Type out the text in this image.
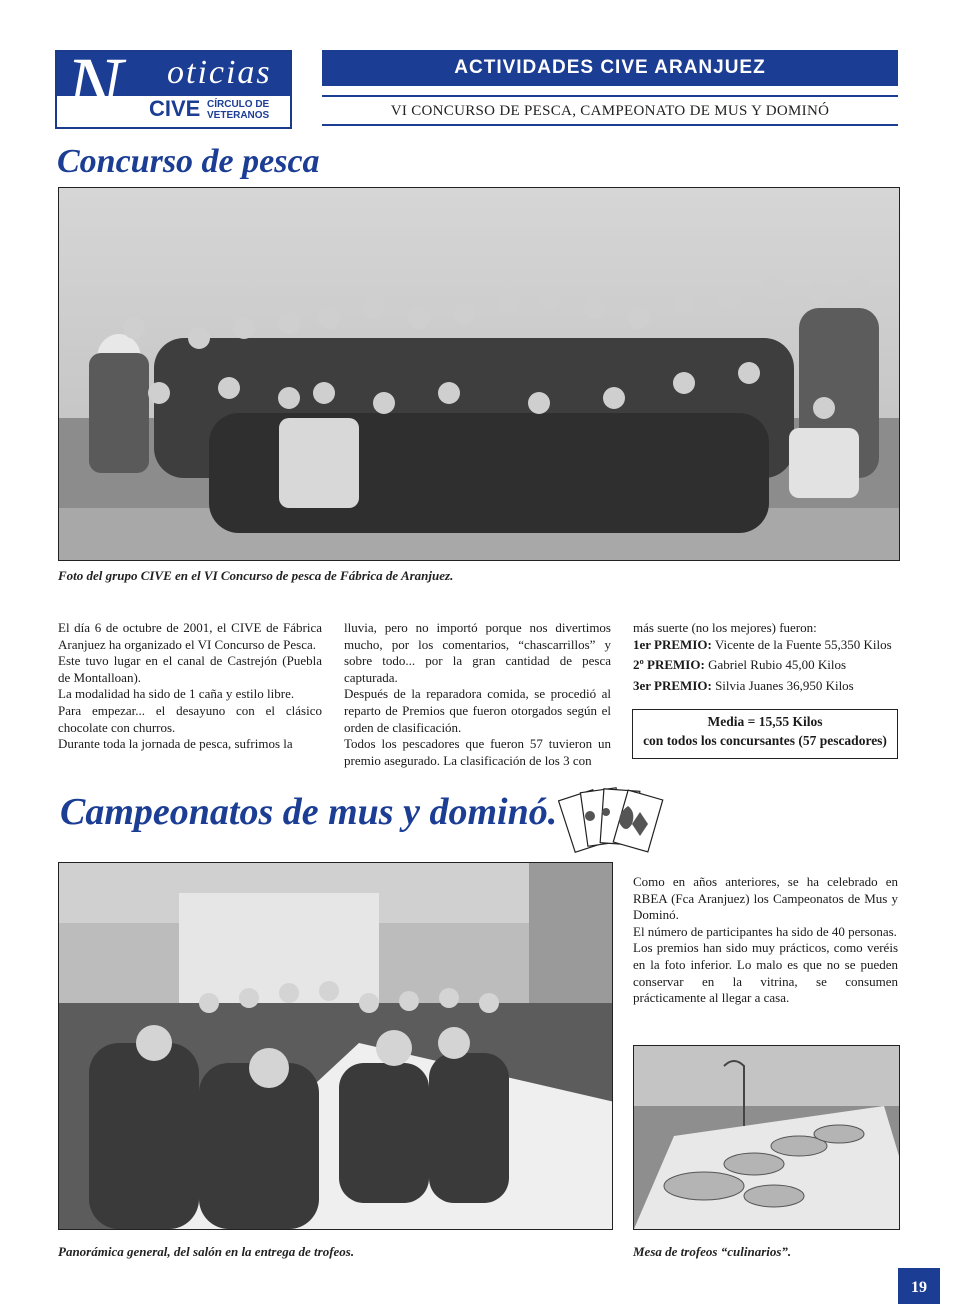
N oticias
CIVE CÍRCULO DE
VETERANOS
ACTIVIDADES CIVE ARANJUEZ
VI CONCURSO DE PESCA, CAMPEONATO DE MUS Y DOMINÓ
Concurso de pesca
Foto del grupo CIVE en el VI Concurso de pesca de Fábrica de Aranjuez.

El día 6 de octubre de 2001, el CIVE de Fábrica Aranjuez ha organizado el VI Concurso de Pesca.

Este tuvo lugar en el canal de Castrejón (Puebla de Montalloan).

La modalidad ha sido de 1 caña y estilo libre.

Para empezar... el desayuno con el clásico chocolate con churros.

Durante toda la jornada de pesca, sufrimos la

lluvia, pero no importó porque nos divertimos mucho, por los comentarios, “chascarrillos” y sobre todo... por la gran cantidad de pesca capturada.

Después de la reparadora comida, se procedió al reparto de Premios que fueron otorgados según el orden de clasificación.

Todos los pescadores que fueron 57 tuvieron un premio asegurado. La clasificación de los 3 con

más suerte (no los mejores) fueron:

1er PREMIO: Vicente de la Fuente 55,350 Kilos

2º PREMIO: Gabriel Rubio 45,00 Kilos

3er PREMIO: Silvia Juanes 36,950 Kilos

Media = 15,55 Kilos
con todos los concursantes (57 pescadores)
Campeonatos de mus y dominó.
Panorámica general, del salón en la entrega de trofeos.

Como en años anteriores, se ha celebrado en RBEA (Fca Aranjuez) los Campeonatos de Mus y Dominó.

El número de participantes ha sido de 40 personas.

Los premios han sido muy prácticos, como veréis en la foto inferior. Lo malo es que no se pueden conservar en la vitrina, se consumen prácticamente al llegar a casa.

Mesa de trofeos “culinarios”.
19
